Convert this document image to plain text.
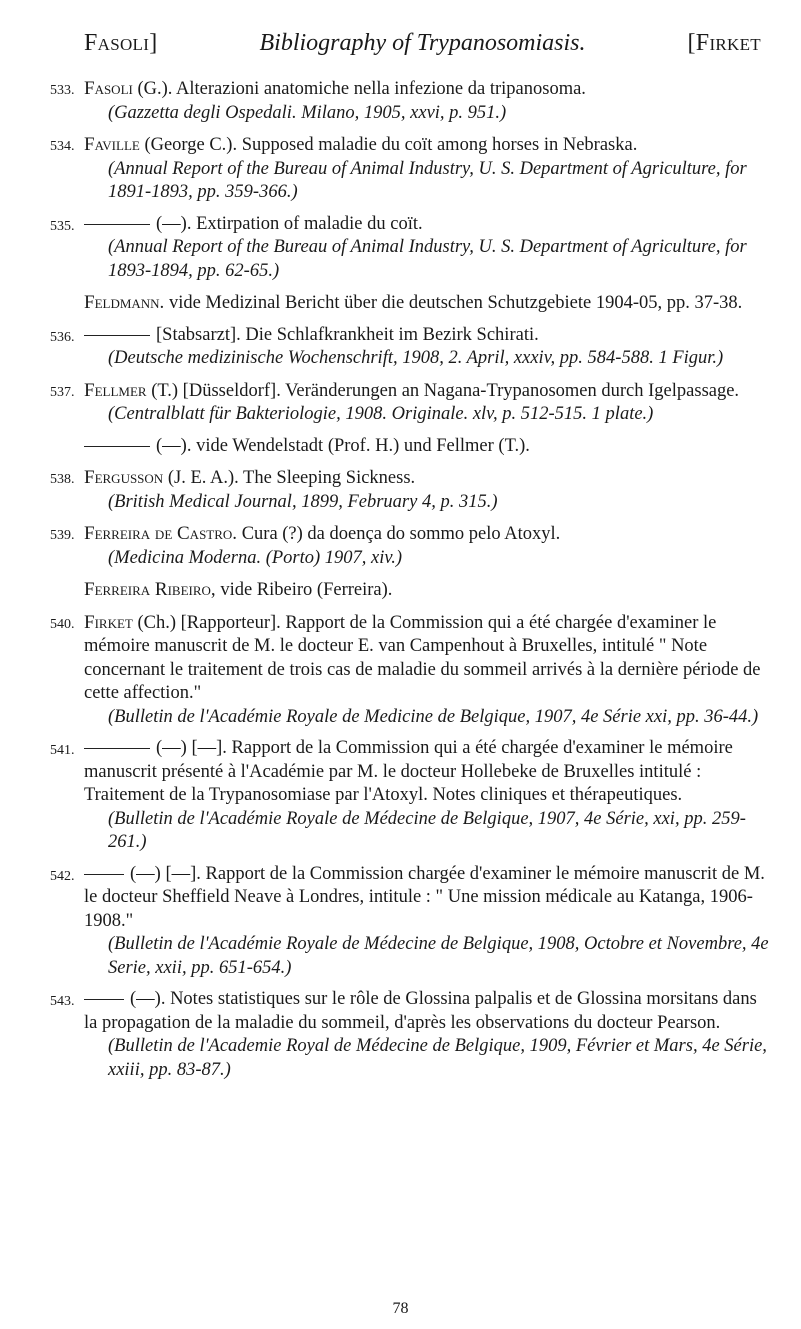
Fasoli]	Bibliography of Trypanosomiasis.	[Firket
533. Fasoli (G.). Alterazioni anatomiche nella infezione da tripanosoma.
(Gazzetta degli Ospedali. Milano, 1905, xxvi, p. 951.)
534. Faville (George C.). Supposed maladie du coït among horses in Nebraska.
(Annual Report of the Bureau of Animal Industry, U. S. Department of Agriculture, for 1891-1893, pp. 359-366.)
535.	(—). Extirpation of maladie du coït.
(Annual Report of the Bureau of Animal Industry, U. S. Department of Agriculture, for 1893-1894, pp. 62-65.)
Feldmann. vide Medizinal Bericht über die deutschen Schutzgebiete 1904-05, pp. 37-38.
536.	[Stabsarzt]. Die Schlafkrankheit im Bezirk Schirati.
(Deutsche medizinische Wochenschrift, 1908, 2. April, xxxiv, pp. 584-588. 1 Figur.)
537. Fellmer (T.) [Düsseldorf]. Veränderungen an Nagana-Trypanosomen durch Igelpassage.
(Centralblatt für Bakteriologie, 1908. Originale. xlv, p. 512-515. 1 plate.)
(—). vide Wendelstadt (Prof. H.) und Fellmer (T.).
538. Fergusson (J. E. A.). The Sleeping Sickness.
(British Medical Journal, 1899, February 4, p. 315.)
539. Ferreira de Castro. Cura (?) da doença do sommo pelo Atoxyl.
(Medicina Moderna. (Porto) 1907, xiv.)
Ferreira Ribeiro, vide Ribeiro (Ferreira).
540. Firket (Ch.) [Rapporteur]. Rapport de la Commission qui a été chargée d'examiner le mémoire manuscrit de M. le docteur E. van Campenhout à Bruxelles, intitulé " Note concernant le traitement de trois cas de maladie du sommeil arrivés à la dernière période de cette affection."
(Bulletin de l'Académie Royale de Medicine de Belgique, 1907, 4e Série xxi, pp. 36-44.)
541.	(—) [—]. Rapport de la Commission qui a été chargée d'examiner le mémoire manuscrit présenté à l'Académie par M. le docteur Hollebeke de Bruxelles intitulé : Traitement de la Trypanosomiase par l'Atoxyl. Notes cliniques et thérapeutiques.
(Bulletin de l'Académie Royale de Médecine de Belgique, 1907, 4e Série, xxi, pp. 259-261.)
542.	(—) [—]. Rapport de la Commission chargée d'examiner le mémoire manuscrit de M. le docteur Sheffield Neave à Londres, intitule : " Une mission médicale au Katanga, 1906-1908."
(Bulletin de l'Académie Royale de Médecine de Belgique, 1908, Octobre et Novembre, 4e Serie, xxii, pp. 651-654.)
543.	(—). Notes statistiques sur le rôle de Glossina palpalis et de Glossina morsitans dans la propagation de la maladie du sommeil, d'après les observations du docteur Pearson.
(Bulletin de l'Academie Royal de Médecine de Belgique, 1909, Février et Mars, 4e Série, xxiii, pp. 83-87.)
78
